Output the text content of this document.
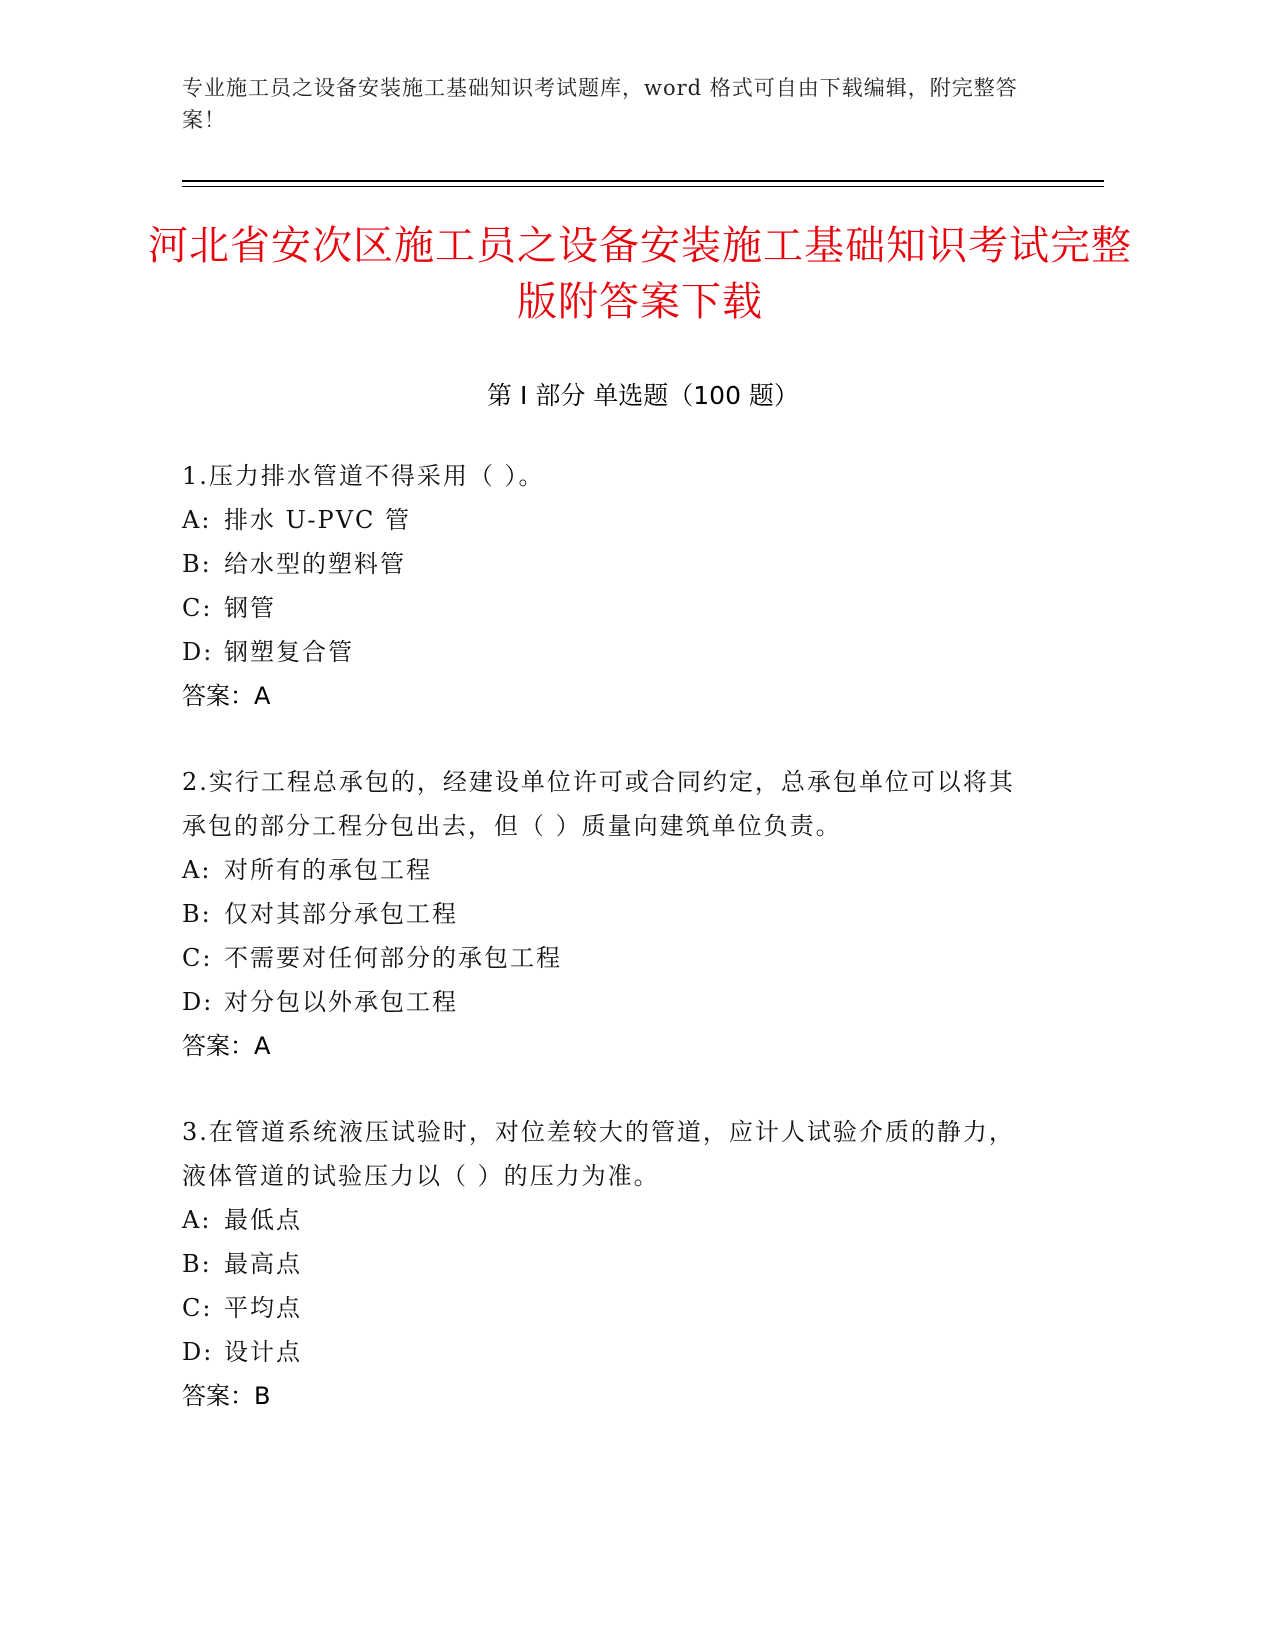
专业施工员之设备安装施工基础知识考试题库，word 格式可自由下载编辑，附完整答案！
河北省安次区施工员之设备安装施工基础知识考试完整版附答案下载
第 I 部分 单选题（100 题）

1.压力排水管道不得采用（ ）。

A: 排水 U-PVC 管
B: 给水型的塑料管
C: 钢管
D: 钢塑复合管
答案：A

2.实行工程总承包的，经建设单位许可或合同约定，总承包单位可以将其承包的部分工程分包出去，但（ ）质量向建筑单位负责。

A: 对所有的承包工程
B: 仅对其部分承包工程
C: 不需要对任何部分的承包工程
D: 对分包以外承包工程
答案：A

3.在管道系统液压试验时，对位差较大的管道，应计人试验介质的静力，液体管道的试验压力以（ ）的压力为准。

A: 最低点
B: 最高点
C: 平均点
D: 设计点
答案：B
